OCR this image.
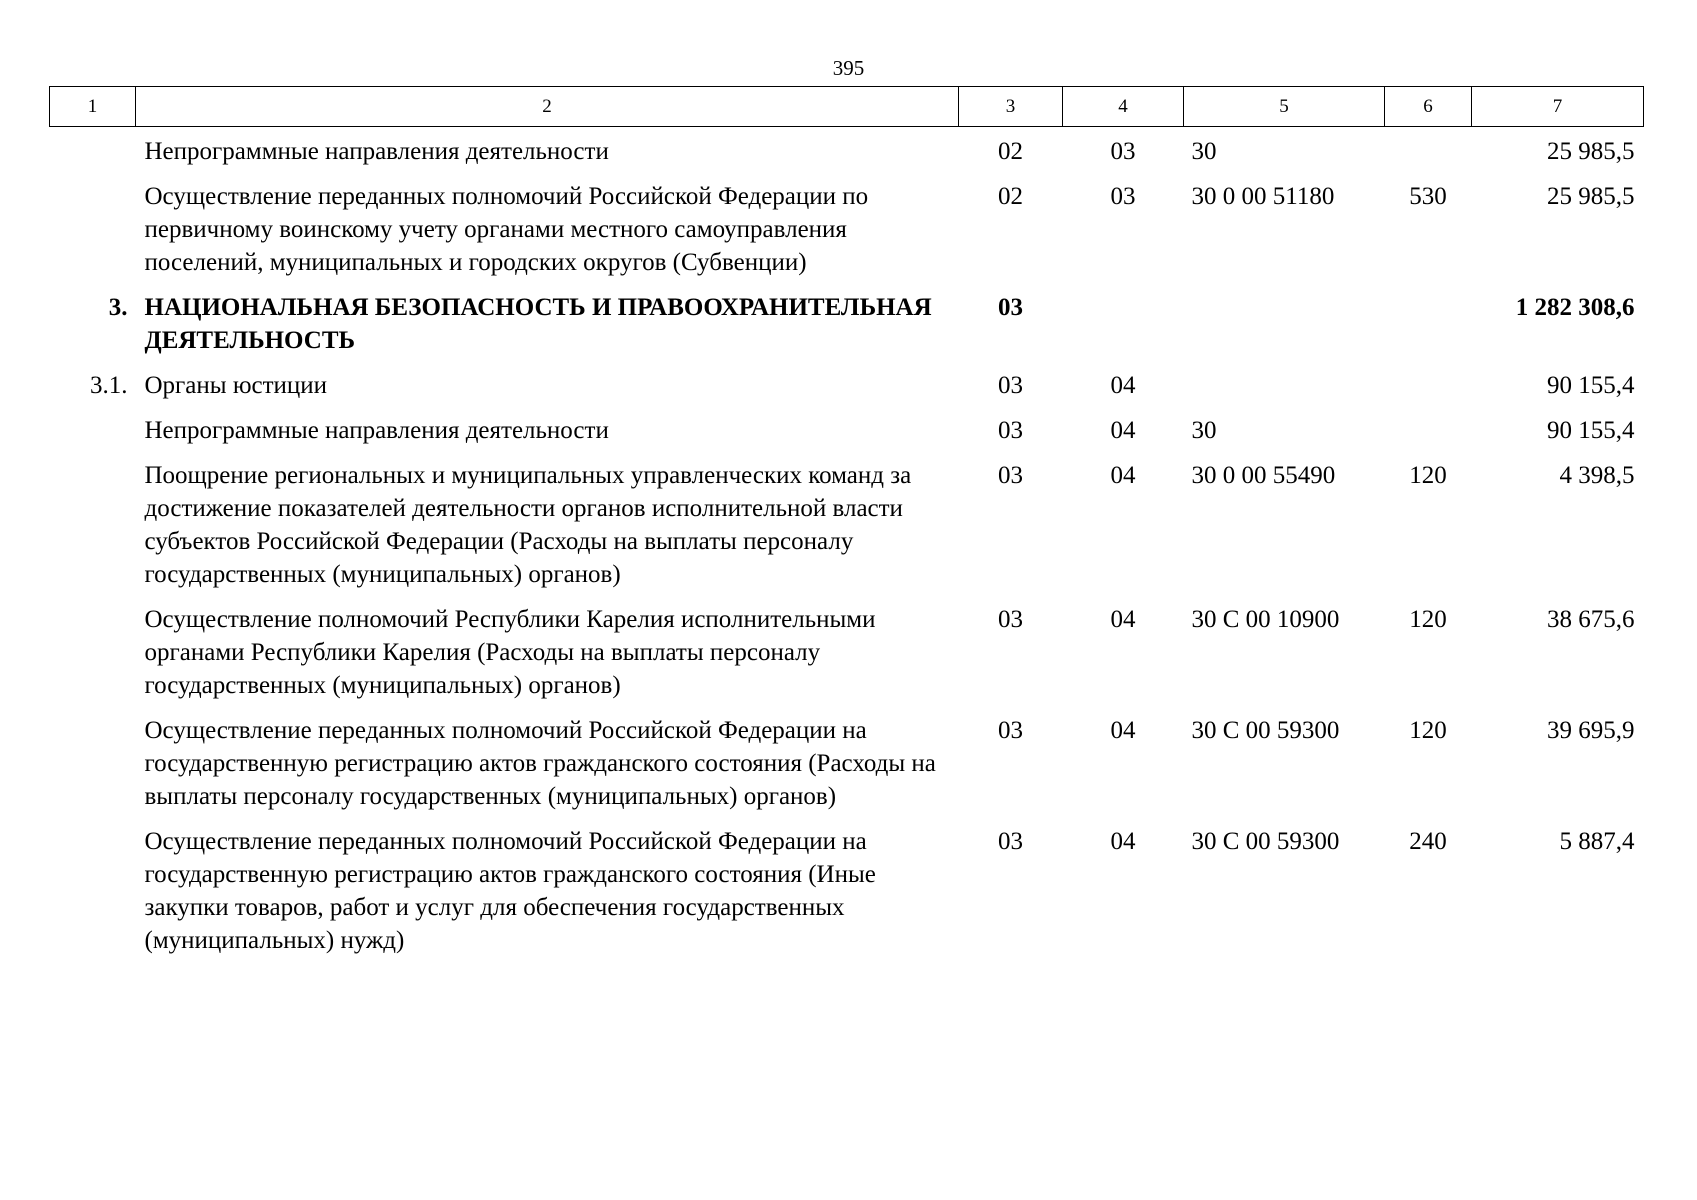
395
1	2	3	4	5	6	7
	Непрограммные направления деятельности	02	03	30		25 985,5
	Осуществление переданных полномочий Российской Федерации по первичному воинскому учету органами местного самоуправления поселений, муниципальных и городских округов (Субвенции)	02	03	30 0 00 51180	530	25 985,5
3.	НАЦИОНАЛЬНАЯ БЕЗОПАСНОСТЬ И ПРАВООХРАНИТЕЛЬНАЯ ДЕЯТЕЛЬНОСТЬ	03				1 282 308,6
3.1.	Органы юстиции	03	04			90 155,4
	Непрограммные направления деятельности	03	04	30		90 155,4
	Поощрение региональных и муниципальных управленческих команд за достижение показателей деятельности органов исполнительной власти субъектов Российской Федерации (Расходы на выплаты персоналу государственных (муниципальных) органов)	03	04	30 0 00 55490	120	4 398,5
	Осуществление полномочий Республики Карелия исполнительными органами Республики Карелия (Расходы на выплаты персоналу государственных (муниципальных) органов)	03	04	30 С 00 10900	120	38 675,6
	Осуществление переданных полномочий Российской Федерации на государственную регистрацию актов гражданского состояния (Расходы на выплаты персоналу государственных (муниципальных) органов)	03	04	30 С 00 59300	120	39 695,9
	Осуществление переданных полномочий Российской Федерации на государственную регистрацию актов гражданского состояния (Иные закупки товаров, работ и услуг для обеспечения государственных (муниципальных) нужд)	03	04	30 С 00 59300	240	5 887,4
